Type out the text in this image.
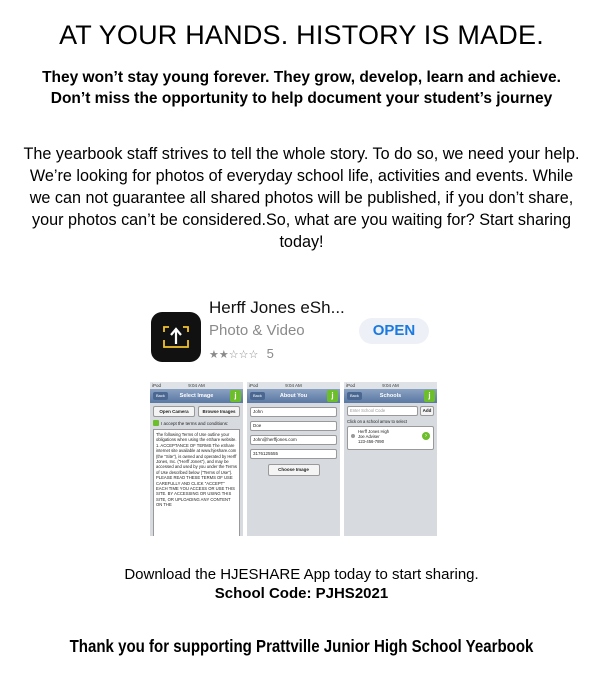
AT YOUR HANDS. HISTORY IS MADE.
They won’t stay young forever. They grow, develop, learn and achieve. Don’t miss the opportunity to help document your student’s journey
The yearbook staff strives to tell the whole story. To do so, we need your help. We’re looking for photos of everyday school life, activities and events. While we can not guarantee all shared photos will be published, if you don’t share, your photos can’t be considered.So, what are you waiting for? Start sharing today!
Herff Jones eSh...
Photo & Video
★★☆☆☆ 5
OPEN
iPod	9:04 AM
Back	Select Image	j
Open Camera	Browse Images
I accept the terms and conditions:
The following Terms of Use outline your obligations when using the eShare website. 1. ACCEPTANCE OF TERMS The eShare internet site available at www.hjeshare.com (the "Site"), is owned and operated by Herff Jones, Inc. ("Herff Jones"), and may be accessed and used by you under the Terms of Use described below ("Terms of Use"). PLEASE READ THESE TERMS OF USE CAREFULLY AND CLICK "ACCEPT" EACH TIME YOU ACCESS OR USE THIS SITE. BY ACCESSING OR USING THIS SITE, OR UPLOADING ANY CONTENT ON THE
iPod	9:04 AM
Back	About You	j
John
Doe
John@herffjones.com
3176125555
Choose Image
iPod	9:04 AM
Back	Schools	j
Enter School Code	Add
Click on a school arrow to select
Herff Jones High
Joe Adviser
123-456-7890
›
Download the HJESHARE App today to start sharing.
School Code: PJHS2021
Thank you for supporting Prattville Junior High School Yearbook
